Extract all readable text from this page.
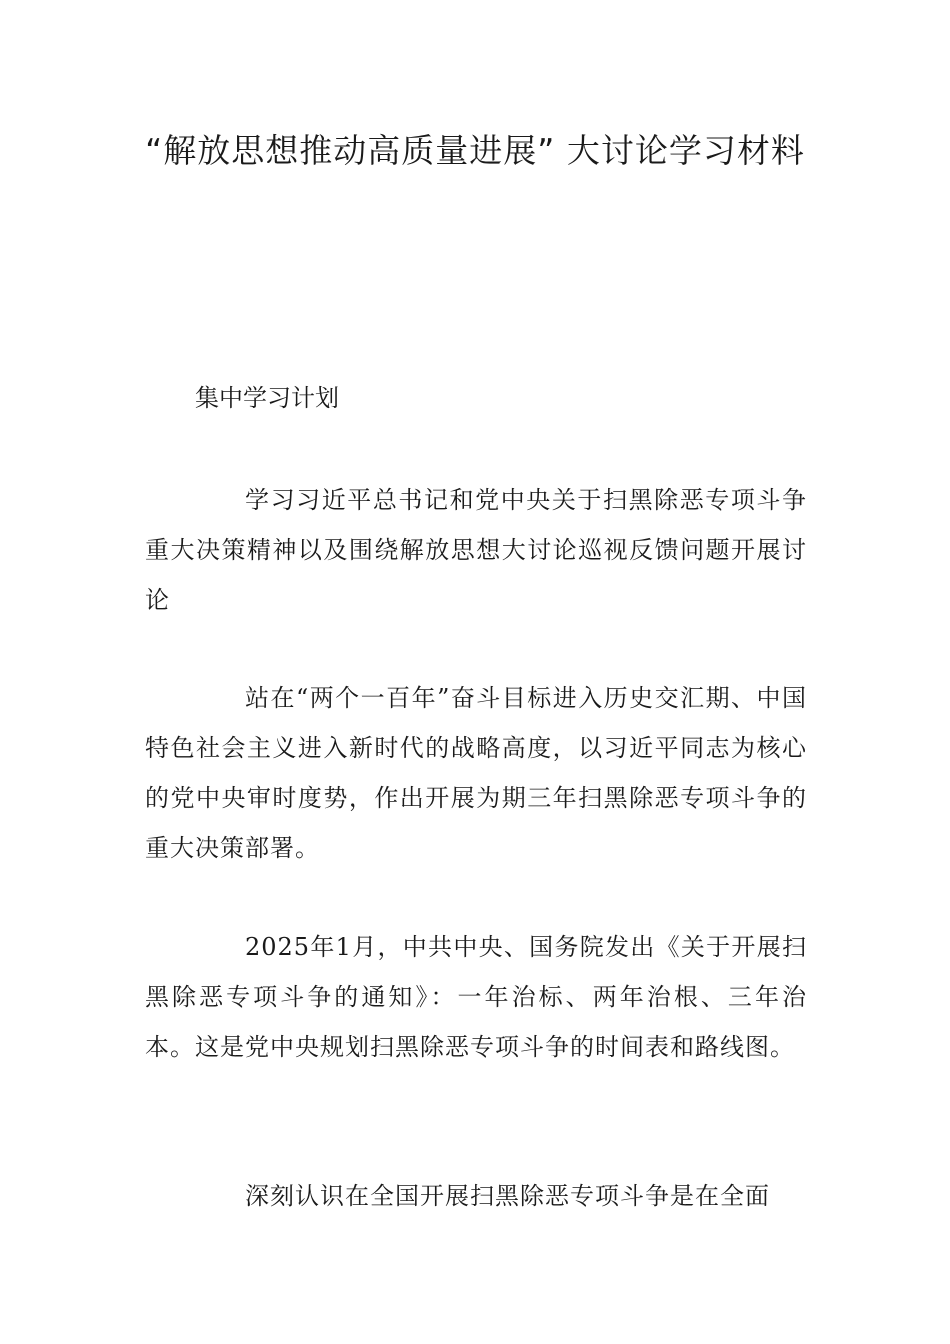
“解放思想推动高质量进展” 大讨论学习材料
集中学习计划

学习习近平总书记和党中央关于扫黑除恶专项斗争重大决策精神以及围绕解放思想大讨论巡视反馈问题开展讨论

站在“两个一百年”奋斗目标进入历史交汇期、中国特色社会主义进入新时代的战略高度，以习近平同志为核心的党中央审时度势，作出开展为期三年扫黑除恶专项斗争的重大决策部署。

2025年1月，中共中央、国务院发出《关于开展扫黑除恶专项斗争的通知》：一年治标、两年治根、三年治本。这是党中央规划扫黑除恶专项斗争的时间表和路线图。

深刻认识在全国开展扫黑除恶专项斗争是在全面
